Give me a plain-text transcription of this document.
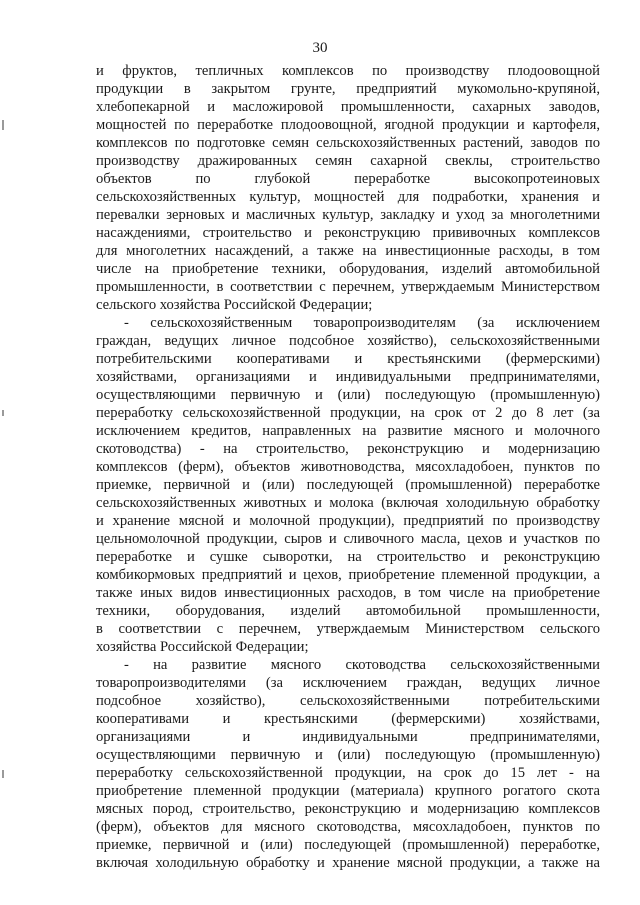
30
и фруктов, тепличных комплексов по производству плодоовощной
продукции в закрытом грунте, предприятий мукомольно-крупяной,
хлебопекарной и масложировой промышленности, сахарных заводов,
мощностей по переработке плодоовощной, ягодной продукции и картофеля,
комплексов по подготовке семян сельскохозяйственных растений, заводов по
производству дражированных семян сахарной свеклы, строительство
объектов по глубокой переработке высокопротеиновых
сельскохозяйственных культур, мощностей для подработки, хранения и
перевалки зерновых и масличных культур, закладку и уход за многолетними
насаждениями, строительство и реконструкцию прививочных комплексов
для многолетних насаждений, а также на инвестиционные расходы, в том
числе на приобретение техники, оборудования, изделий автомобильной
промышленности, в соответствии с перечнем, утверждаемым Министерством
сельского хозяйства Российской Федерации;
- сельскохозяйственным товаропроизводителям (за исключением
граждан, ведущих личное подсобное хозяйство), сельскохозяйственными
потребительскими кооперативами и крестьянскими (фермерскими)
хозяйствами, организациями и индивидуальными предпринимателями,
осуществляющими первичную и (или) последующую (промышленную)
переработку сельскохозяйственной продукции, на срок от 2 до 8 лет (за
исключением кредитов, направленных на развитие мясного и молочного
скотоводства) - на строительство, реконструкцию и модернизацию
комплексов (ферм), объектов животноводства, мясохладобоен, пунктов по
приемке, первичной и (или) последующей (промышленной) переработке
сельскохозяйственных животных и молока (включая холодильную обработку
и хранение мясной и молочной продукции), предприятий по производству
цельномолочной продукции, сыров и сливочного масла, цехов и участков по
переработке и сушке сыворотки, на строительство и реконструкцию
комбикормовых предприятий и цехов, приобретение племенной продукции, а
также иных видов инвестиционных расходов, в том числе на приобретение
техники, оборудования, изделий автомобильной промышленности,
в соответствии с перечнем, утверждаемым Министерством сельского
хозяйства Российской Федерации;
- на развитие мясного скотоводства сельскохозяйственными
товаропроизводителями (за исключением граждан, ведущих личное
подсобное хозяйство), сельскохозяйственными потребительскими
кооперативами и крестьянскими (фермерскими) хозяйствами,
организациями и индивидуальными предпринимателями,
осуществляющими первичную и (или) последующую (промышленную)
переработку сельскохозяйственной продукции, на срок до 15 лет - на
приобретение племенной продукции (материала) крупного рогатого скота
мясных пород, строительство, реконструкцию и модернизацию комплексов
(ферм), объектов для мясного скотоводства, мясохладобоен, пунктов по
приемке, первичной и (или) последующей (промышленной) переработке,
включая холодильную обработку и хранение мясной продукции, а также на
